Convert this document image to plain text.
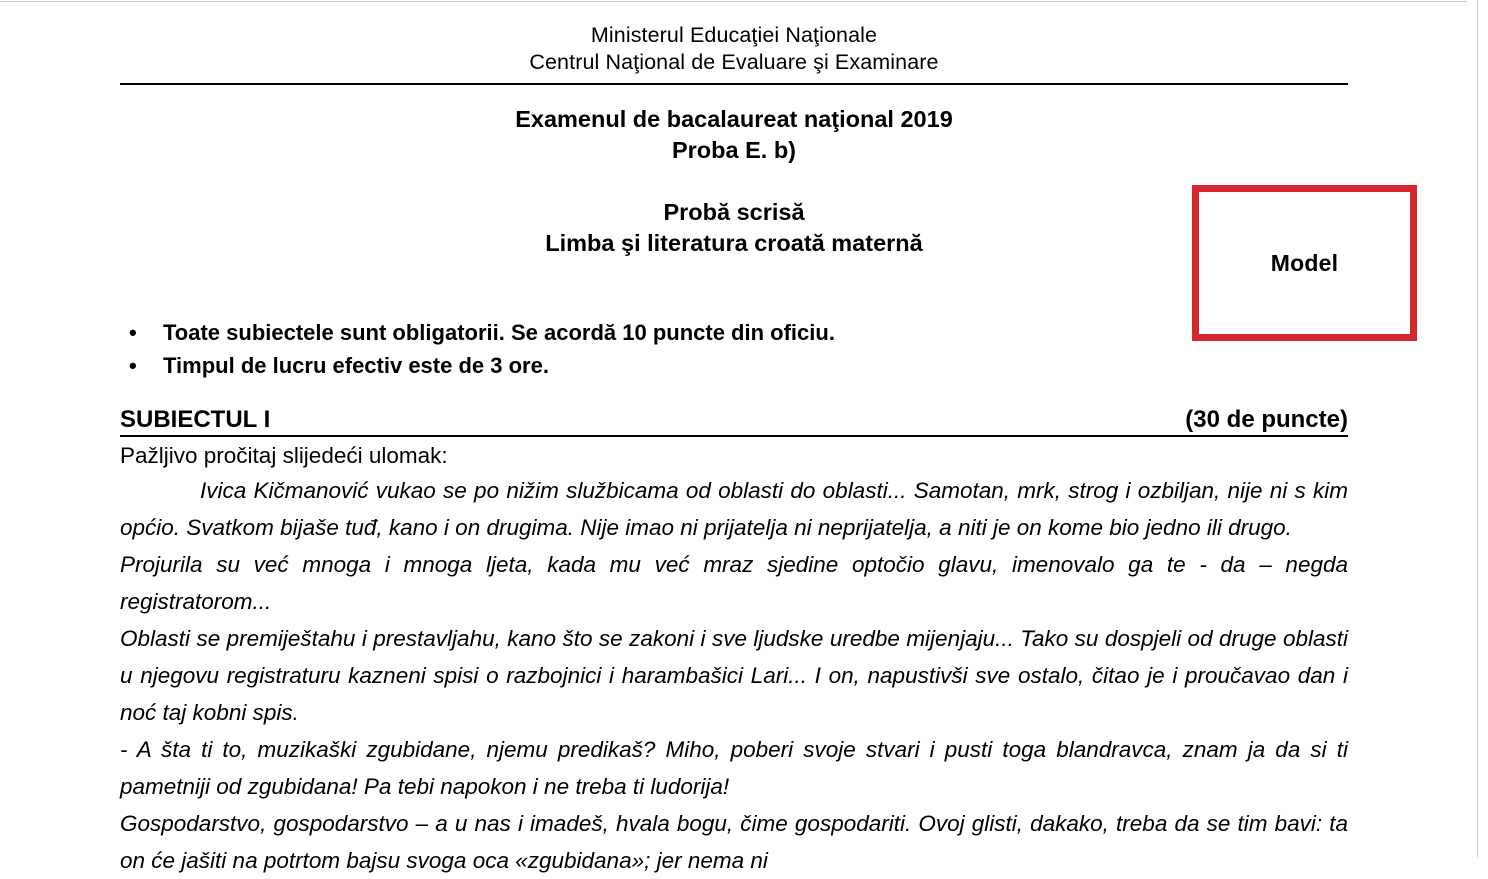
Ministerul Educaţiei Naţionale
Centrul Naţional de Evaluare şi Examinare
Examenul de bacalaureat naţional 2019
Proba E. b)
Probă scrisă
Limba şi literatura croată maternă
• Toate subiectele sunt obligatorii. Se acordă 10 puncte din oficiu.
• Timpul de lucru efectiv este de 3 ore.
SUBIECTUL I	(30 de puncte)
Pažljivo pročitaj slijedeći ulomak:

Ivica Kičmanović vukao se po nižim službicama od oblasti do oblasti... Samotan, mrk, strog i ozbiljan, nije ni s kim općio. Svatkom bijaše tuđ, kano i on drugima. Nije imao ni prijatelja ni neprijatelja, a niti je on kome bio jedno ili drugo.

Projurila su već mnoga i mnoga ljeta, kada mu već mraz sjedine optočio glavu, imenovalo ga te - da – negda registratorom...

Oblasti se premiještahu i prestavljahu, kano što se zakoni i sve ljudske uredbe mijenjaju... Tako su dospjeli od druge oblasti u njegovu registraturu kazneni spisi o razbojnici i harambašici Lari... I on, napustivši sve ostalo, čitao je i proučavao dan i noć taj kobni spis.

- A šta ti to, muzikaški zgubidane, njemu predikaš? Miho, poberi svoje stvari i pusti toga blandravca, znam ja da si ti pametniji od zgubidana! Pa tebi napokon i ne treba ti ludorija!

Gospodarstvo, gospodarstvo – a u nas i imadeš, hvala bogu, čime gospodariti. Ovoj glisti, dakako, treba da se tim bavi: ta on će jašiti na potrtom bajsu svoga oca «zgubidana»; jer nema ni

Model
